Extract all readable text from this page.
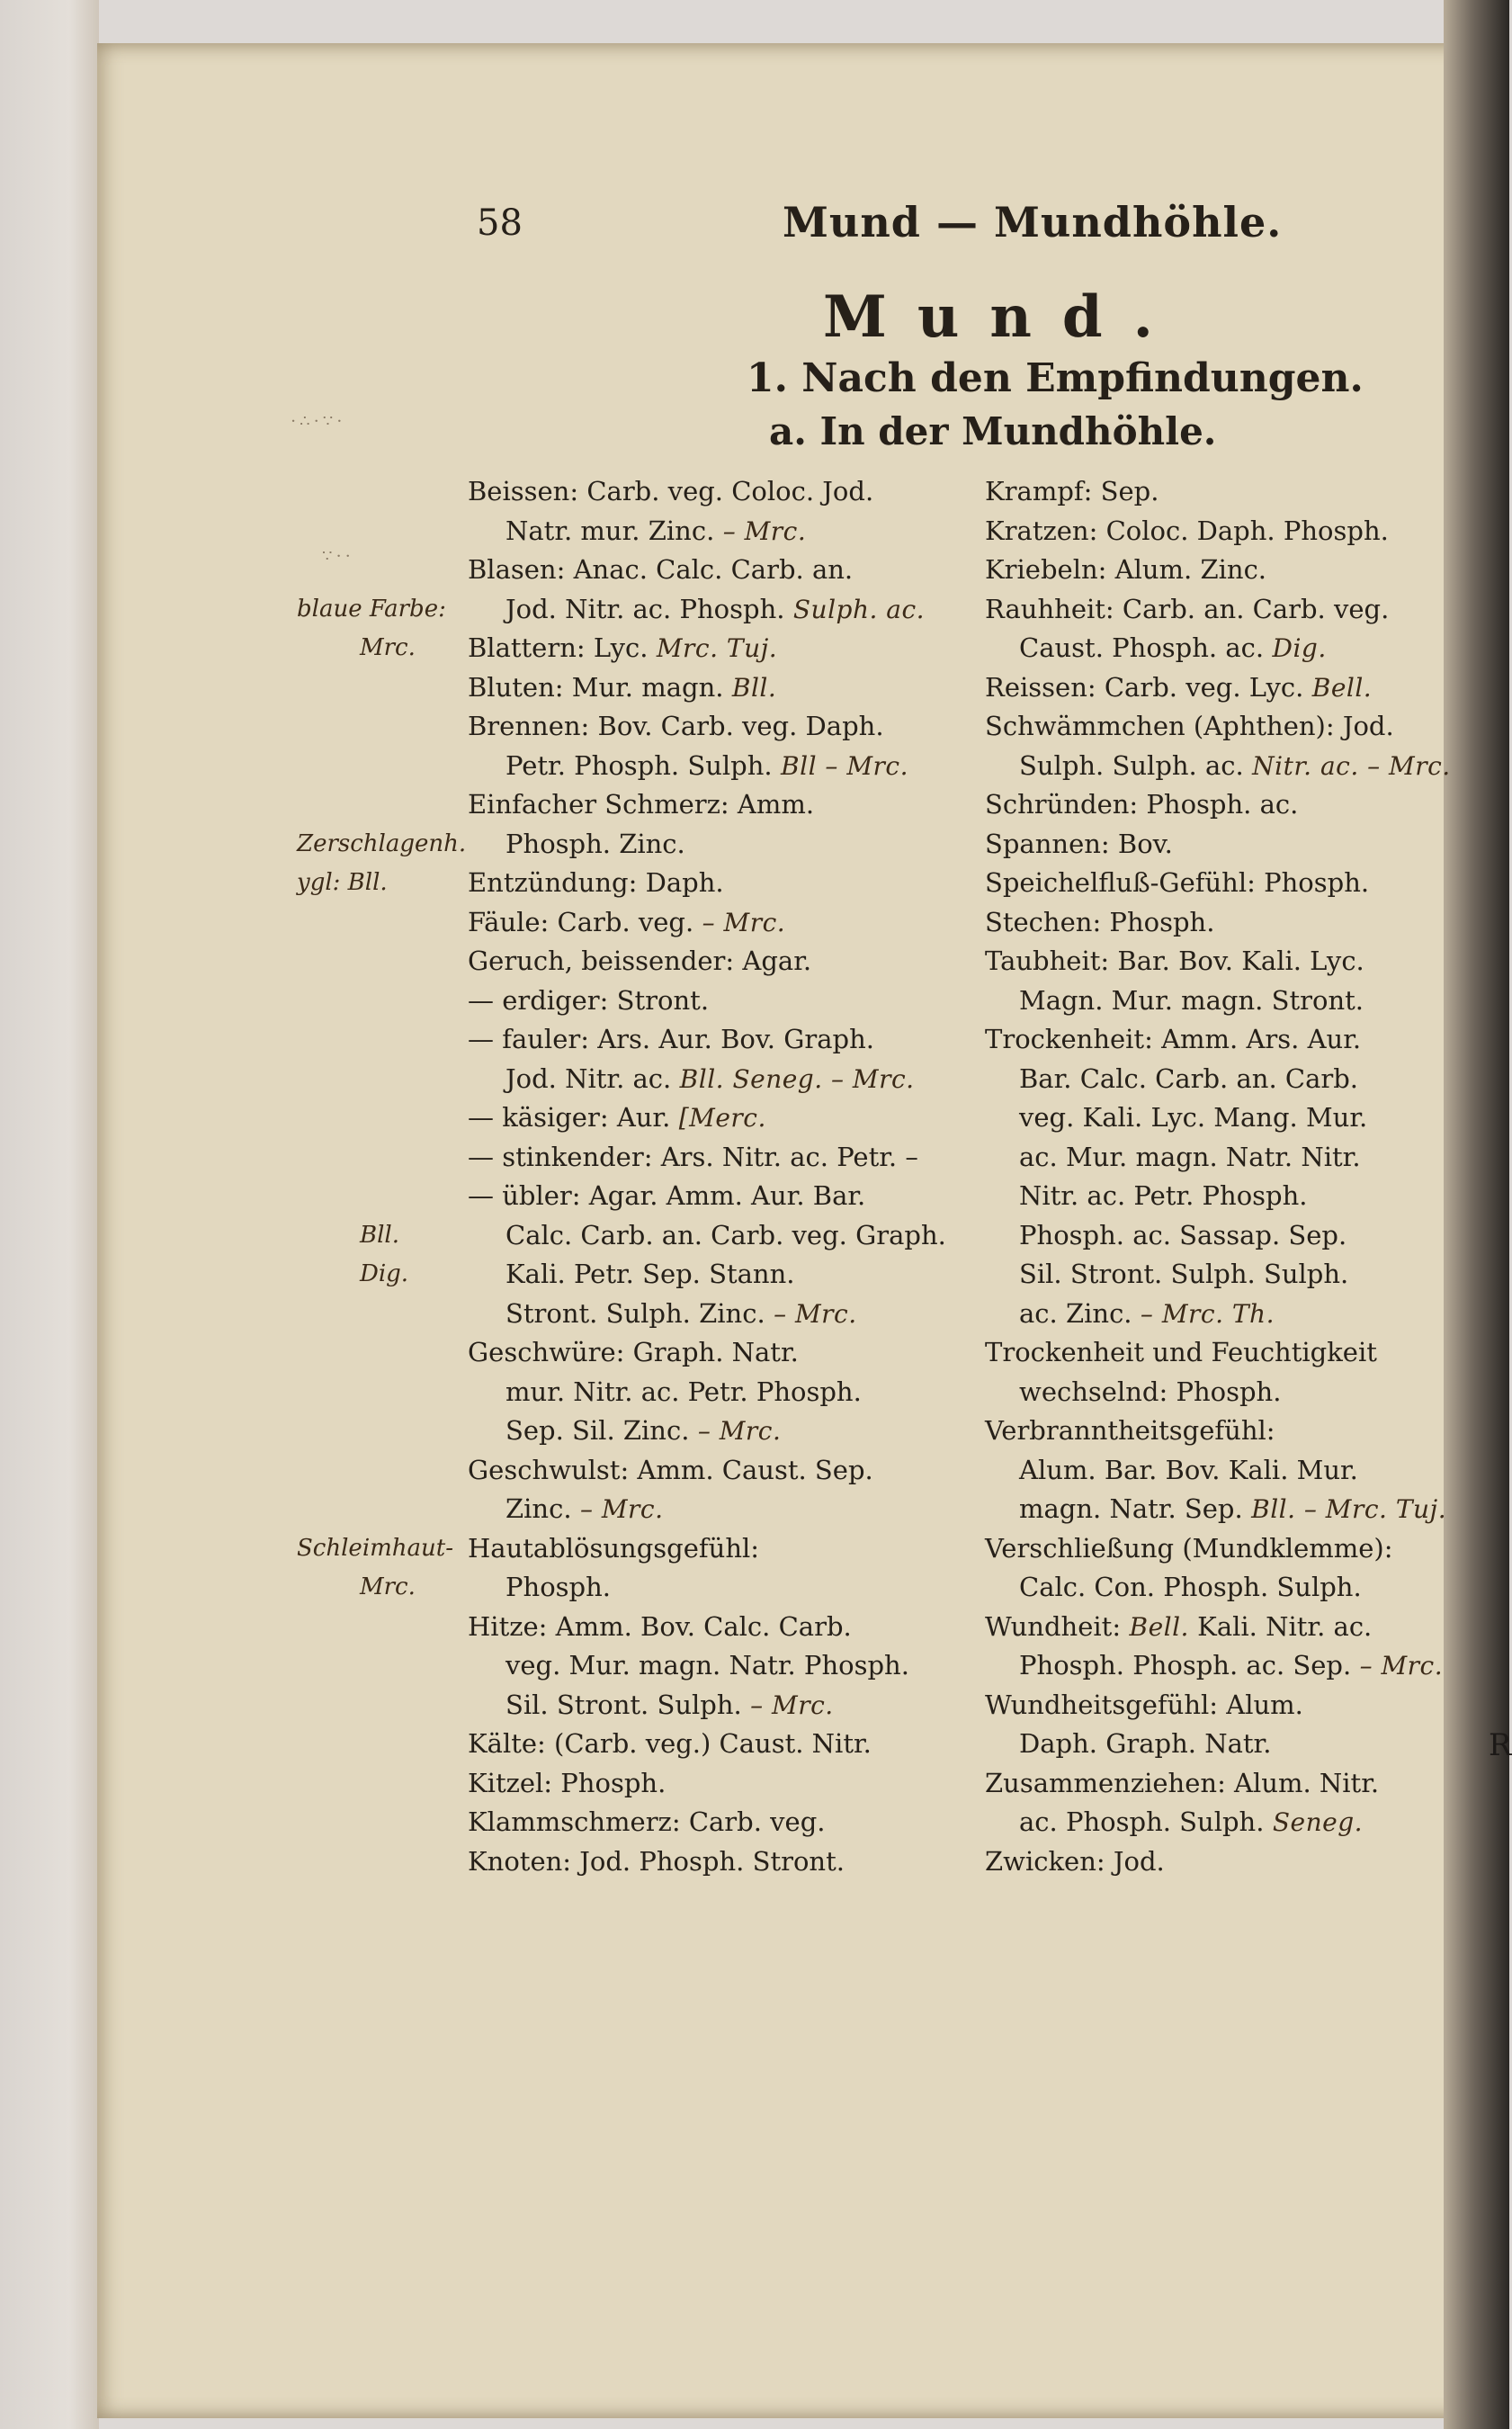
⋅∴⋅∵⋅
∵⋅⋅
58	Mund — Mundhöhle.
Mund.
1. Nach den Empfindungen.
a. In der Mundhöhle.
Beissen: Carb. veg. Coloc. Jod.
Natr. mur. Zinc. – Mrc.
Blasen: Anac. Calc. Carb. an.
Jod. Nitr. ac. Phosph. Sulph. ac.
Blattern: Lyc. Mrc. Tuj.
Bluten: Mur. magn. Bll.
Brennen: Bov. Carb. veg. Daph.
Petr. Phosph. Sulph. Bll – Mrc.
Einfacher Schmerz: Amm.
Phosph. Zinc.
Entzündung: Daph.
Fäule: Carb. veg. – Mrc.
Geruch, beissender: Agar.
— erdiger: Stront.
— fauler: Ars. Aur. Bov. Graph.
Jod. Nitr. ac. Bll. Seneg. – Mrc.
— käsiger: Aur. [Merc.
— stinkender: Ars. Nitr. ac. Petr. –
— übler: Agar. Amm. Aur. Bar.
Calc. Carb. an. Carb. veg. Graph.
Kali. Petr. Sep. Stann.
Stront. Sulph. Zinc. – Mrc.
Geschwüre: Graph. Natr.
mur. Nitr. ac. Petr. Phosph.
Sep. Sil. Zinc. – Mrc.
Geschwulst: Amm. Caust. Sep.
Zinc. – Mrc.
Hautablösungsgefühl:
Phosph.
Hitze: Amm. Bov. Calc. Carb.
veg. Mur. magn. Natr. Phosph.
Sil. Stront. Sulph. – Mrc.
Kälte: (Carb. veg.) Caust. Nitr.
Kitzel: Phosph.
Klammschmerz: Carb. veg.
Knoten: Jod. Phosph. Stront.
Krampf: Sep.
Kratzen: Coloc. Daph. Phosph.
Kriebeln: Alum. Zinc.
Rauhheit: Carb. an. Carb. veg.
Caust. Phosph. ac. Dig.
Reissen: Carb. veg. Lyc. Bell.
Schwämmchen (Aphthen): Jod.
Sulph. Sulph. ac. Nitr. ac. – Mrc.
Schründen: Phosph. ac.
Spannen: Bov.
Speichelfluß-Gefühl: Phosph.
Stechen: Phosph.
Taubheit: Bar. Bov. Kali. Lyc.
Magn. Mur. magn. Stront.
Trockenheit: Amm. Ars. Aur.
Bar. Calc. Carb. an. Carb.
veg. Kali. Lyc. Mang. Mur.
ac. Mur. magn. Natr. Nitr.
Nitr. ac. Petr. Phosph.
Phosph. ac. Sassap. Sep.
Sil. Stront. Sulph. Sulph.
ac. Zinc. – Mrc. Th.
Trockenheit und Feuchtigkeit
wechselnd: Phosph.
Verbranntheitsgefühl:
Alum. Bar. Bov. Kali. Mur.
magn. Natr. Sep. Bll. – Mrc. Tuj.
Verschließung (Mundklemme):
Calc. Con. Phosph. Sulph.
Wundheit: Bell. Kali. Nitr. ac.
Phosph. Phosph. ac. Sep. – Mrc.
Wundheitsgefühl: Alum.
Daph. Graph. Natr.
Zusammenziehen: Alum. Nitr.
ac. Phosph. Sulph. Seneg.
Zwicken: Jod.
blaue Farbe:
Mrc.
Zerschlagenh.
ygl: Bll.
Bll.
Dig.
Schleimhaut-
Mrc.
R
